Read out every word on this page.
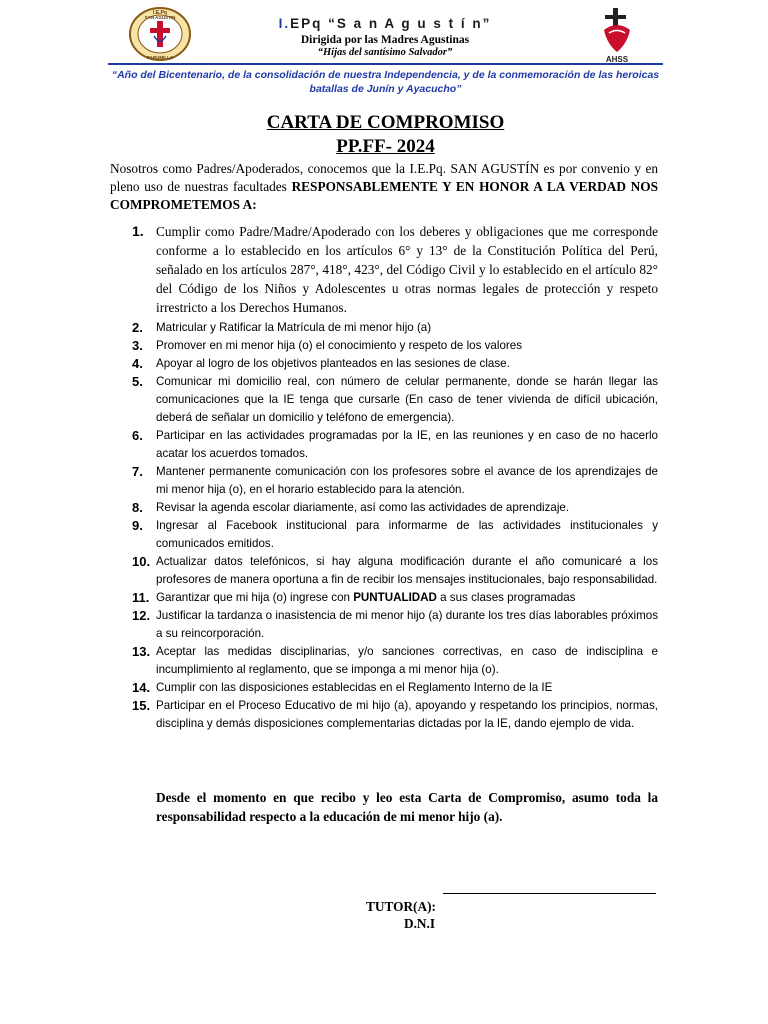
I.E.Pq
SAN AGUSTIN
ZARUMILLA
I.EPq “S a n A g u s t í n”
Dirigida por las Madres Agustinas
“Hijas del santísimo Salvador”
AHSS
“Año del Bicentenario, de la consolidación de nuestra Independencia, y de la conmemoración de las heroicas batallas de Junín y Ayacucho”
CARTA DE COMPROMISO
PP.FF- 2024
Nosotros como Padres/Apoderados, conocemos que la I.E.Pq. SAN AGUSTÍN es por convenio y en pleno uso de nuestras facultades RESPONSABLEMENTE Y EN HONOR A LA VERDAD NOS COMPROMETEMOS A:
1. Cumplir como Padre/Madre/Apoderado con los deberes y obligaciones que me corresponde conforme a lo establecido en los artículos 6° y 13° de la Constitución Política del Perú, señalado en los artículos 287°, 418°, 423°, del Código Civil y lo establecido en el artículo 82° del Código de los Niños y Adolescentes u otras normas legales de protección y respeto irrestricto a los Derechos Humanos.
2. Matricular y Ratificar la Matrícula de mi menor hijo (a)
3. Promover en mi menor hija (o) el conocimiento y respeto de los valores
4. Apoyar al logro de los objetivos planteados en las sesiones de clase.
5. Comunicar mi domicilio real, con número de celular permanente, donde se harán llegar las comunicaciones que la IE tenga que cursarle (En caso de tener vivienda de difícil ubicación, deberá de señalar un domicilio y teléfono de emergencia).
6. Participar en las actividades programadas por la IE, en las reuniones y en caso de no hacerlo acatar los acuerdos tomados.
7. Mantener permanente comunicación con los profesores sobre el avance de los aprendizajes de mi menor hija (o), en el horario establecido para la atención.
8. Revisar la agenda escolar diariamente, así como las actividades de aprendizaje.
9. Ingresar al Facebook institucional para informarme de las actividades institucionales y comunicados emitidos.
10. Actualizar datos telefónicos, si hay alguna modificación durante el año comunicaré a los profesores de manera oportuna a fin de recibir los mensajes institucionales, bajo responsabilidad.
11. Garantizar que mi hija (o) ingrese con PUNTUALIDAD a sus clases programadas
12. Justificar la tardanza o inasistencia de mi menor hijo (a) durante los tres días laborables próximos a su reincorporación.
13. Aceptar las medidas disciplinarias, y/o sanciones correctivas, en caso de indisciplina e incumplimiento al reglamento, que se imponga a mi menor hija (o).
14. Cumplir con las disposiciones establecidas en el Reglamento Interno de la IE
15. Participar en el Proceso Educativo de mi hijo (a), apoyando y respetando los principios, normas, disciplina y demás disposiciones complementarias dictadas por la IE, dando ejemplo de vida.
Desde el momento en que recibo y leo esta Carta de Compromiso, asumo toda la responsabilidad respecto a la educación de mi menor hijo (a).
TUTOR(A):
D.N.I
